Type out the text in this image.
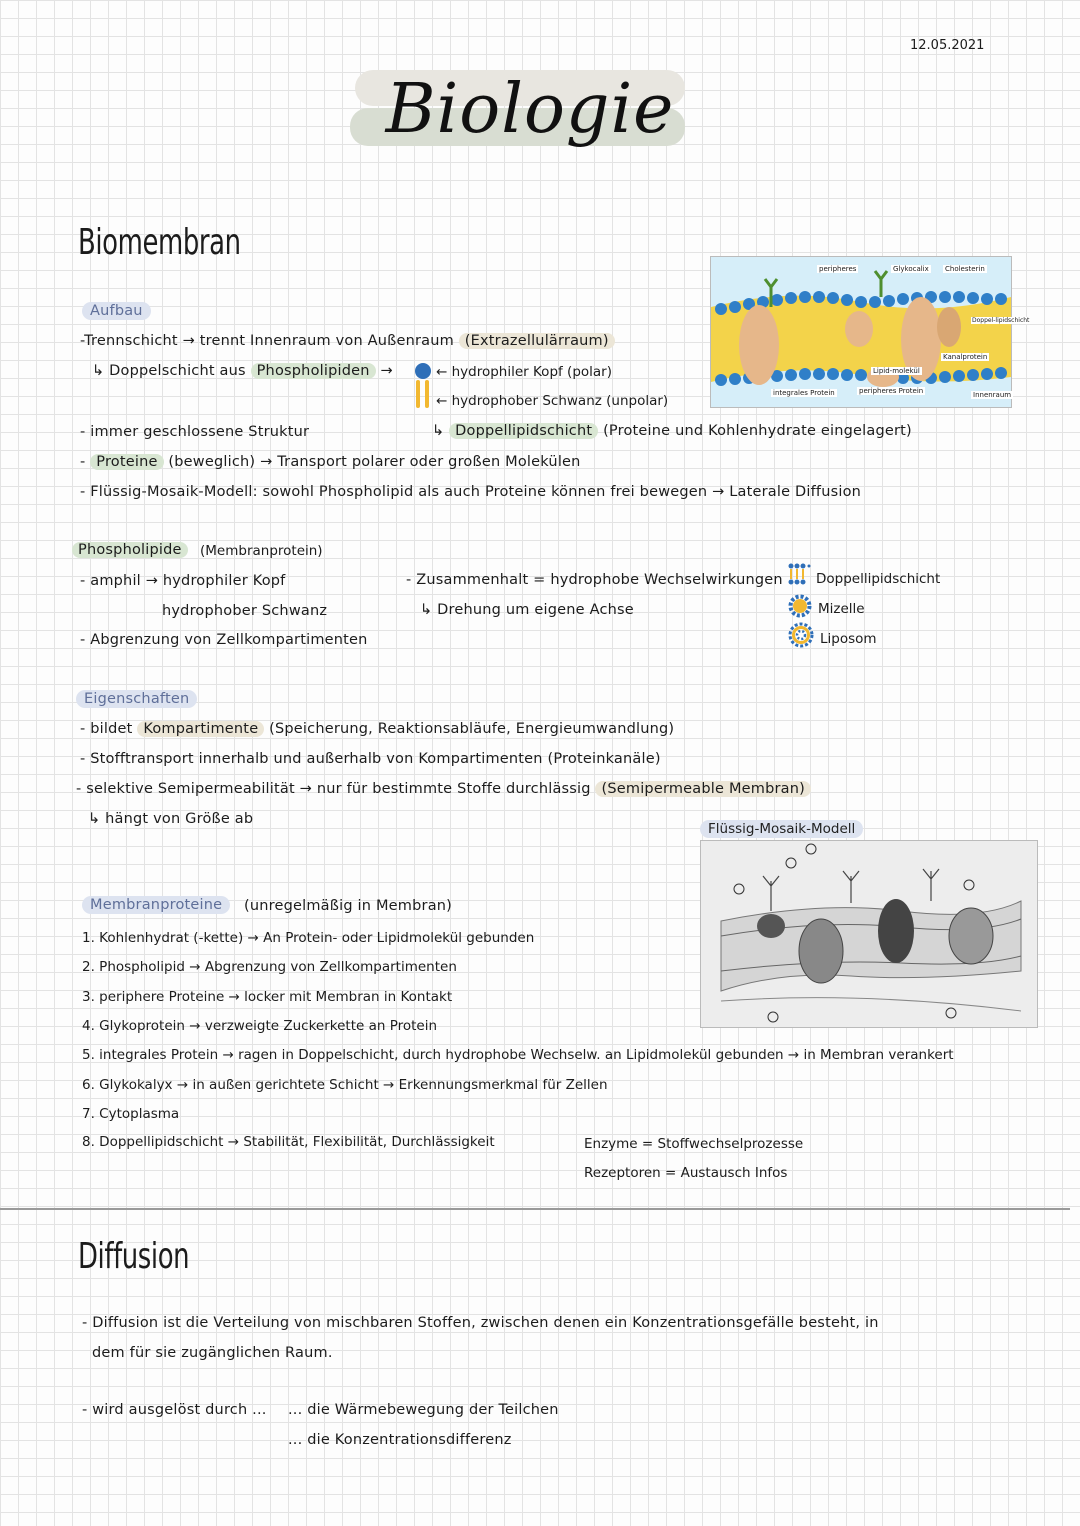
12.05.2021
Biologie
Biomembran
Aufbau
-Trennschicht → trennt Innenraum von Außenraum (Extrazellulärraum)
↳ Doppelschicht aus Phospholipiden →	← hydrophiler Kopf (polar)
← hydrophober Schwanz (unpolar)
- immer geschlossene Struktur	↳ Doppellipidschicht (Proteine und Kohlenhydrate eingelagert)
- Proteine (beweglich) → Transport polarer oder großen Molekülen
- Flüssig-Mosaik-Modell: sowohl Phospholipid als auch Proteine können frei bewegen → Laterale Diffusion
peripheres	Glykocalix Cholesterin
Doppel-lipidschicht
Kanalprotein
Innenraum
integrales Protein	peripheres Protein
Lipid-molekül
Phospholipide	(Membranprotein)
- amphil → hydrophiler Kopf
hydrophober Schwanz
- Abgrenzung von Zellkompartimenten
- Zusammenhalt = hydrophobe Wechselwirkungen
↳ Drehung um eigene Achse
Doppellipidschicht
Mizelle
Liposom
Eigenschaften
- bildet Kompartimente (Speicherung, Reaktionsabläufe, Energieumwandlung)
- Stofftransport innerhalb und außerhalb von Kompartimenten (Proteinkanäle)
- selektive Semipermeabilität → nur für bestimmte Stoffe durchlässig (Semipermeable Membran)
↳ hängt von Größe ab
Flüssig-Mosaik-Modell
Membranproteine	(unregelmäßig in Membran)
1. Kohlenhydrat (-kette) → An Protein- oder Lipidmolekül gebunden
2. Phospholipid → Abgrenzung von Zellkompartimenten
3. periphere Proteine → locker mit Membran in Kontakt
4. Glykoprotein → verzweigte Zuckerkette an Protein
5. integrales Protein → ragen in Doppelschicht, durch hydrophobe Wechselw. an Lipidmolekül gebunden → in Membran verankert
6. Glykokalyx → in außen gerichtete Schicht → Erkennungsmerkmal für Zellen
7. Cytoplasma
8. Doppellipidschicht → Stabilität, Flexibilität, Durchlässigkeit	Enzyme = Stoffwechselprozesse
Rezeptoren = Austausch Infos
Diffusion
- Diffusion ist die Verteilung von mischbaren Stoffen, zwischen denen ein Konzentrationsgefälle besteht, in
dem für sie zugänglichen Raum.
- wird ausgelöst durch ... ... die Wärmebewegung der Teilchen
... die Konzentrationsdifferenz
